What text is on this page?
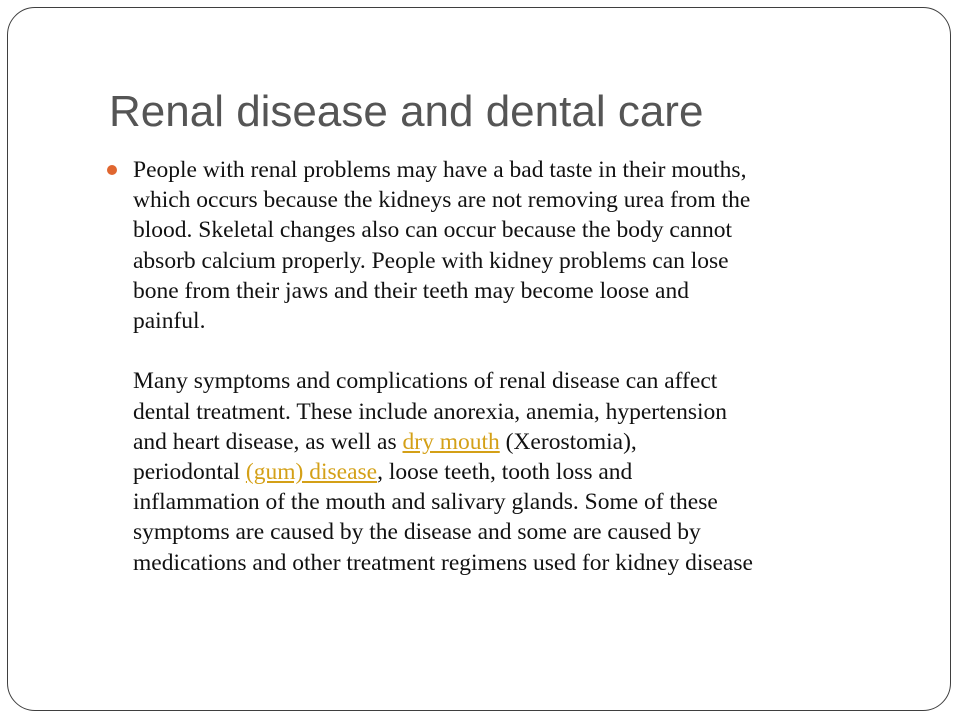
Renal disease and dental care

People with renal problems may have a bad taste in their mouths,

which occurs because the kidneys are not removing urea from the

blood. Skeletal changes also can occur because the body cannot

absorb calcium properly. People with kidney problems can lose

bone from their jaws and their teeth may become loose and

painful.

Many symptoms and complications of renal disease can affect

dental treatment. These include anorexia, anemia, hypertension

and heart disease, as well as dry mouth (Xerostomia),

periodontal (gum) disease, loose teeth, tooth loss and

inflammation of the mouth and salivary glands. Some of these

symptoms are caused by the disease and some are caused by

medications and other treatment regimens used for kidney disease
